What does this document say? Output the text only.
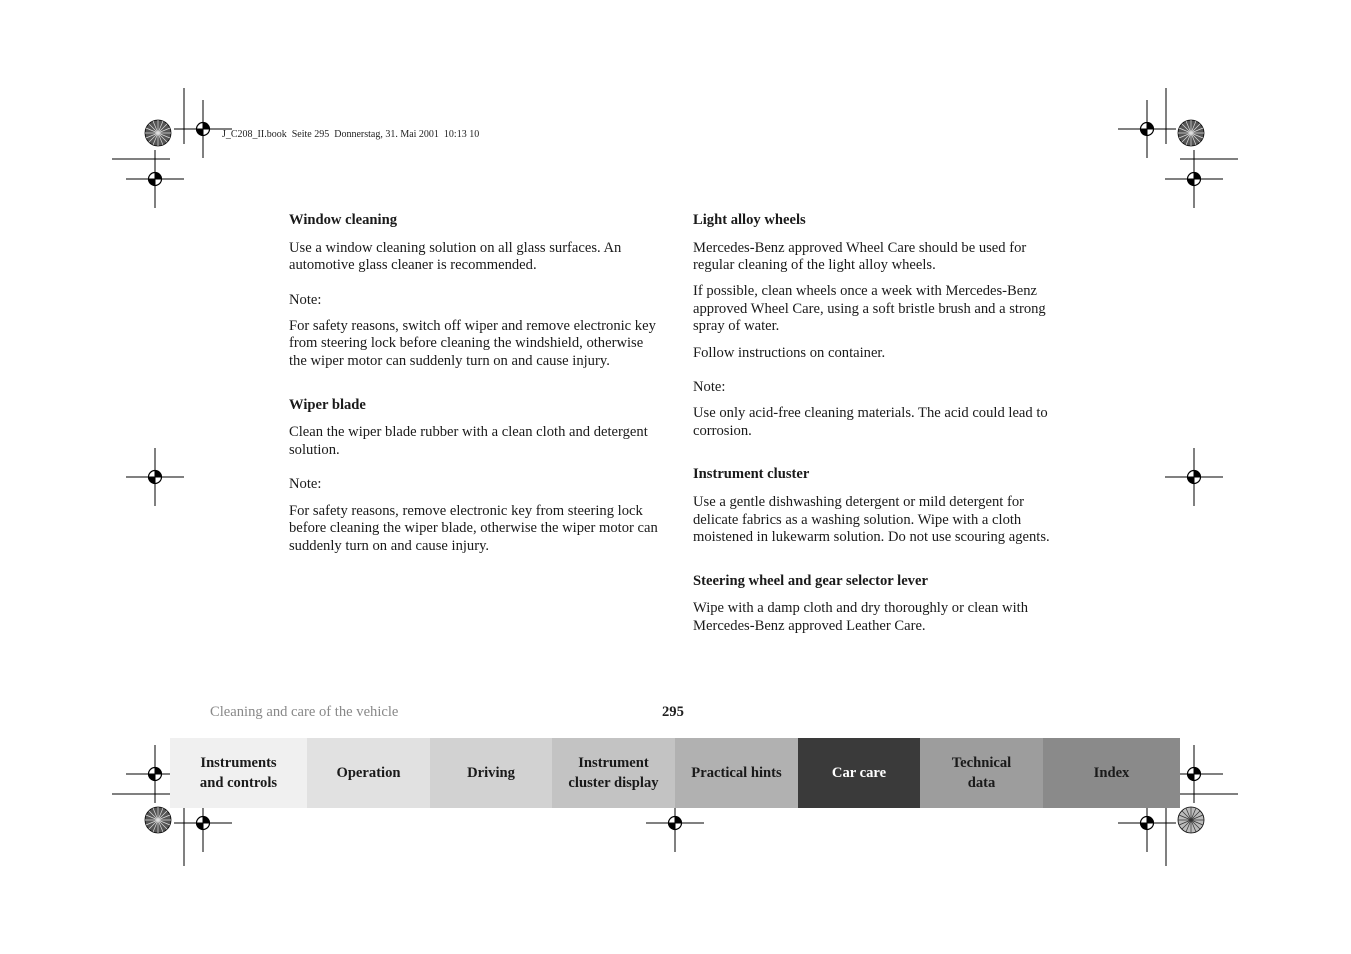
J_C208_II.book  Seite 295  Donnerstag, 31. Mai 2001  10:13 10
Window cleaning

Use a window cleaning solution on all glass surfaces. An automotive glass cleaner is recommended.

Note:

For safety reasons, switch off wiper and remove electronic key from steering lock before cleaning the windshield, otherwise the wiper motor can suddenly turn on and cause injury.

Wiper blade

Clean the wiper blade rubber with a clean cloth and detergent solution.

Note:

For safety reasons, remove electronic key from steering lock before cleaning the wiper blade, otherwise the wiper motor can suddenly turn on and cause injury.

Light alloy wheels

Mercedes-Benz approved Wheel Care should be used for regular cleaning of the light alloy wheels.

If possible, clean wheels once a week with Mercedes-Benz approved Wheel Care, using a soft bristle brush and a strong spray of water.

Follow instructions on container.

Note:

Use only acid-free cleaning materials. The acid could lead to corrosion.

Instrument cluster

Use a gentle dishwashing detergent or mild detergent for delicate fabrics as a washing solution. Wipe with a cloth moistened in lukewarm solution. Do not use scouring agents.

Steering wheel and gear selector lever

Wipe with a damp cloth and dry thoroughly or clean with Mercedes-Benz approved Leather Care.

Cleaning and care of the vehicle	295
Instruments
and controls
Operation	Driving
Instrument
cluster display
Practical hints	Car care
Technical
data
Index
